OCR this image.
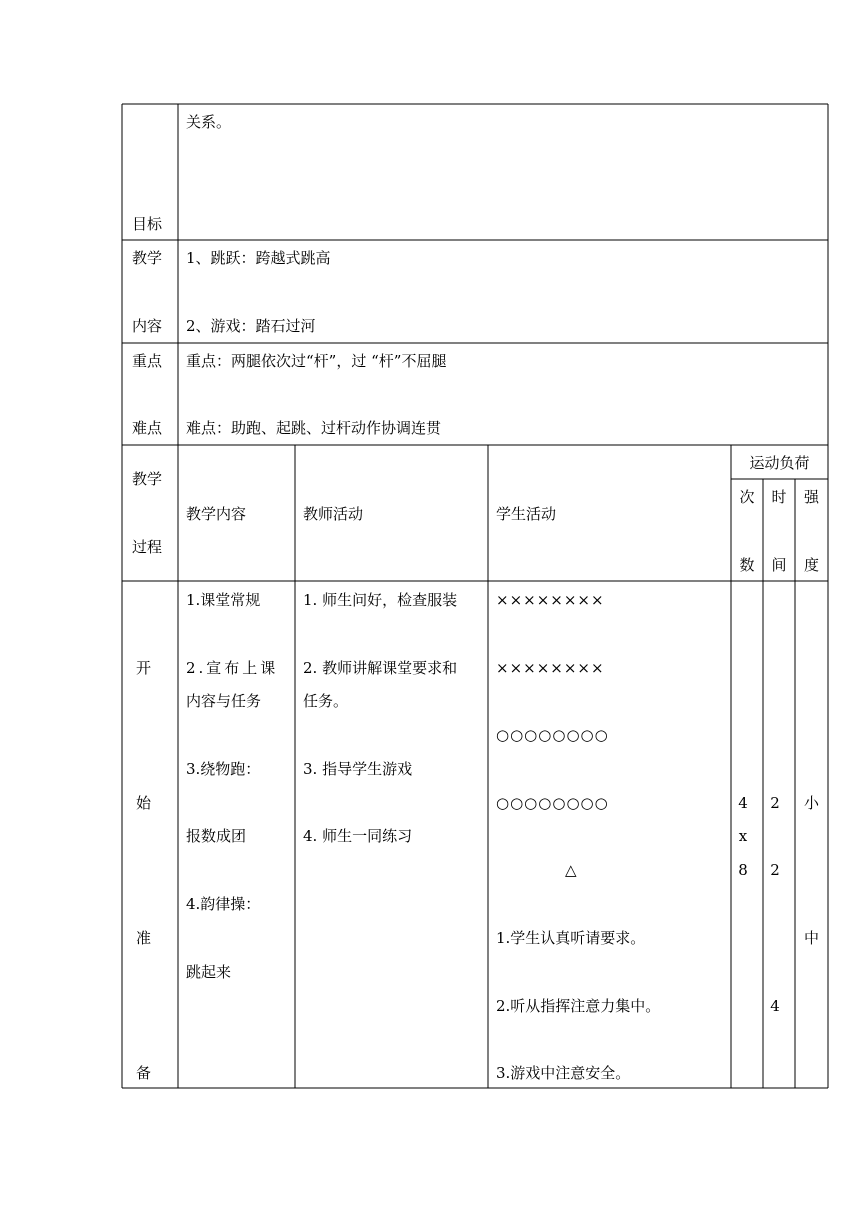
关系。
目标
教学
内容
1、跳跃：跨越式跳高
2、游戏：踏石过河
重点
难点
重点：两腿依次过“杆”，过 “杆”不屈腿
难点：助跑、起跳、过杆动作协调连贯
教学
过程
教学内容	教师活动	学生活动
运动负荷
次
数
时
间
强
度
开
始
准
备
1.课堂常规
2.宣布上课
内容与任务
3.绕物跑：
报数成团
4.韵律操：
跳起来
1. 师生问好，检查服装
2. 教师讲解课堂要求和
任务。
3. 指导学生游戏
4. 师生一同练习
××××××××
××××××××
○○○○○○○○
○○○○○○○○
△
1.学生认真听请要求。
2.听从指挥注意力集中。
3.游戏中注意安全。
4
x
8
2
2
4
小
中
